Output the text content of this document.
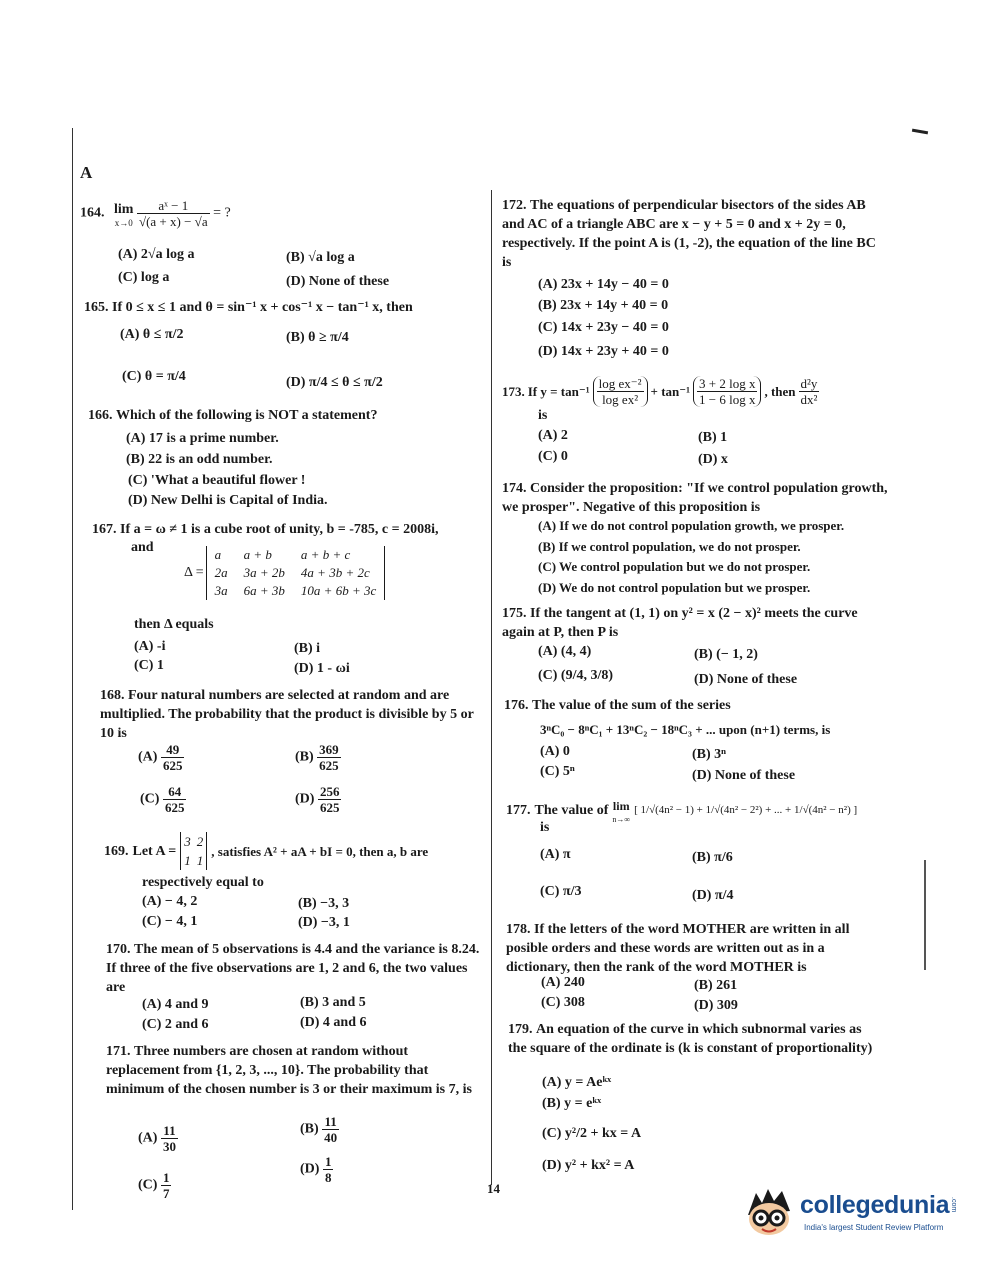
A
164. lim
x→0
$\frac{\text{aˣ − 1}}{√(a + x) - √a}$ = ?
(A) 2√a log a	(B) √a log a
(C) log a	(D) None of these
165. If 0 ≤ x ≤ 1 and θ = sin⁻¹ x + cos⁻¹ x − tan⁻¹ x, then
(A) θ ≤ π/2	(B) θ ≥ π/4
(C) θ = π/4	(D) π/4 ≤ θ ≤ π/2
166. Which of the following is NOT a statement?
(A) 17 is a prime number.
(B) 22 is an odd number.
(C) 'What a beautiful flower !
(D) New Delhi is Capital of India.
167. If a = ω ≠ 1 is a cube root of unity, b = -785, c = 2008i,
and
Δ =
a	a + b	a + b + c
2a	3a + 2b	4a + 3b + 2c
3a	6a + 3b	10a + 6b + 3c
then Δ equals
(A) -i	(B) i
(C) 1	(D) 1 - ωi
168. Four natural numbers are selected at random and are multiplied. The probability that the product is divisible by 5 or 10 is
$(A) \frac{49}{625}$	$(B) \frac{369}{625}$
$(C) \frac{64}{625}$	$(D) \frac{256}{625}$
169. Let A =
3	2
1	1
, satisfies A² + aA + bI = 0, then a, b are
respectively equal to
(A) − 4, 2	(B) −3, 3
(C) − 4, 1	(D) −3, 1
170. The mean of 5 observations is 4.4 and the variance is 8.24. If three of the five observations are 1, 2 and 6, the two values are
(A) 4 and 9	(B) 3 and 5
(C) 2 and 6	(D) 4 and 6
171. Three numbers are chosen at random without replacement from {1, 2, 3, ..., 10}. The probability that minimum of the chosen number is 3 or their maximum is 7, is
$(A) \frac{11}{30}$	$(B) \frac{11}{40}$
$(C) \frac{1}{7}$
$(D) \frac{1}{8}$
172. The equations of perpendicular bisectors of the sides AB and AC of a triangle ABC are x − y + 5 = 0 and x + 2y = 0, respectively. If the point A is (1, -2), the equation of the line BC is
(A) 23x + 14y − 40 = 0
(B) 23x + 14y + 40 = 0
(C) 14x + 23y − 40 = 0
(D) 14x + 23y + 40 = 0
173. If $y = \tan^{-1} \frac{\text{log ex⁻²}}{\text{log ex²}} + \tan^{-1} \frac{\text{3 + 2 log x}}{\text{1 − 6 log x}}$ , then $\frac{\text{d²y}}{\text{dx²}}$
is
(A) 2	(B) 1
(C) 0	(D) x
174. Consider the proposition: "If we control population growth, we prosper". Negative of this proposition is
(A) If we do not control population growth, we prosper.
(B) If we control population, we do not prosper.
(C) We control population but we do not prosper.
(D) We do not control population but we prosper.
175. If the tangent at (1, 1) on y² = x (2 − x)² meets the curve again at P, then P is
(A) (4, 4)	(B) (− 1, 2)
(C) (9/4, 3/8)	(D) None of these
176. The value of the sum of the series
3ⁿC₀ − 8ⁿC₁ + 13ⁿC₂ − 18ⁿC₃ + ... upon (n+1) terms, is
(A) 0	(B) 3ⁿ
(C) 5ⁿ	(D) None of these
177. The value of lim
n→∞
[ 1/√(4n² − 1) + 1/√(4n² − 2²) + ... + 1/√(4n² − n²) ]
is
(A) π	(B) π/6
(C) π/3	(D) π/4
178. If the letters of the word MOTHER are written in all posible orders and these words are written out as in a dictionary, then the rank of the word MOTHER is
(A) 240	(B) 261
(C) 308	(D) 309
179. An equation of the curve in which subnormal varies as the square of the ordinate is (k is constant of proportionality)
(A) y = Aeᵏˣ
(B) y = eᵏˣ
(C) y²/2 + kx = A
(D) y² + kx² = A
14
collegedunia .com
India's largest Student Review Platform
